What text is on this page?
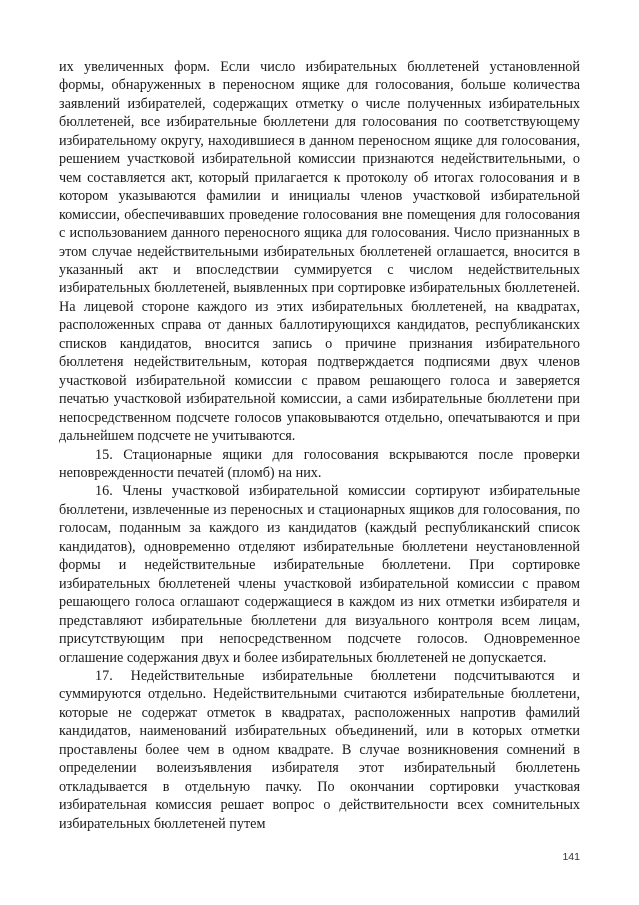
их увеличенных форм. Если число избирательных бюллетеней установленной формы, обнаруженных в переносном ящике для голосования, больше количества заявлений избирателей, содержащих отметку о числе полученных избирательных бюллетеней, все избирательные бюллетени для голосования по соответствующему избирательному округу, находившиеся в данном переносном ящике для голосования, решением участковой избирательной комиссии признаются недействительными, о чем составляется акт, который прилагается к протоколу об итогах голосования и в котором указываются фамилии и инициалы членов участковой избирательной комиссии, обеспечивавших проведение голосования вне помещения для голосования с использованием данного переносного ящика для голосования. Число признанных в этом случае недействительными избирательных бюллетеней оглашается, вносится в указанный акт и впоследствии суммируется с числом недействительных избирательных бюллетеней, выявленных при сортировке избирательных бюллетеней. На лицевой стороне каждого из этих избирательных бюллетеней, на квадратах, расположенных справа от данных баллотирующихся кандидатов, республиканских списков кандидатов, вносится запись о причине признания избирательного бюллетеня недействительным, которая подтверждается подписями двух членов участковой избирательной комиссии с правом решающего голоса и заверяется печатью участковой избирательной комиссии, а сами избирательные бюллетени при непосредственном подсчете голосов упаковываются отдельно, опечатываются и при дальнейшем подсчете не учитываются.

15. Стационарные ящики для голосования вскрываются после проверки неповрежденности печатей (пломб) на них.

16. Члены участковой избирательной комиссии сортируют избирательные бюллетени, извлеченные из переносных и стационарных ящиков для голосования, по голосам, поданным за каждого из кандидатов (каждый республиканский список кандидатов), одновременно отделяют избирательные бюллетени неустановленной формы и недействительные избирательные бюллетени. При сортировке избирательных бюллетеней члены участковой избирательной комиссии с правом решающего голоса оглашают содержащиеся в каждом из них отметки избирателя и представляют избирательные бюллетени для визуального контроля всем лицам, присутствующим при непосредственном подсчете голосов. Одновременное оглашение содержания двух и более избирательных бюллетеней не допускается.

17. Недействительные избирательные бюллетени подсчитываются и суммируются отдельно. Недействительными считаются избирательные бюллетени, которые не содержат отметок в квадратах, расположенных напротив фамилий кандидатов, наименований избирательных объединений, или в которых отметки проставлены более чем в одном квадрате. В случае возникновения сомнений в определении волеизъявления избирателя этот избирательный бюллетень откладывается в отдельную пачку. По окончании сортировки участковая избирательная комиссия решает вопрос о действительности всех сомнительных избирательных бюллетеней путем

141
